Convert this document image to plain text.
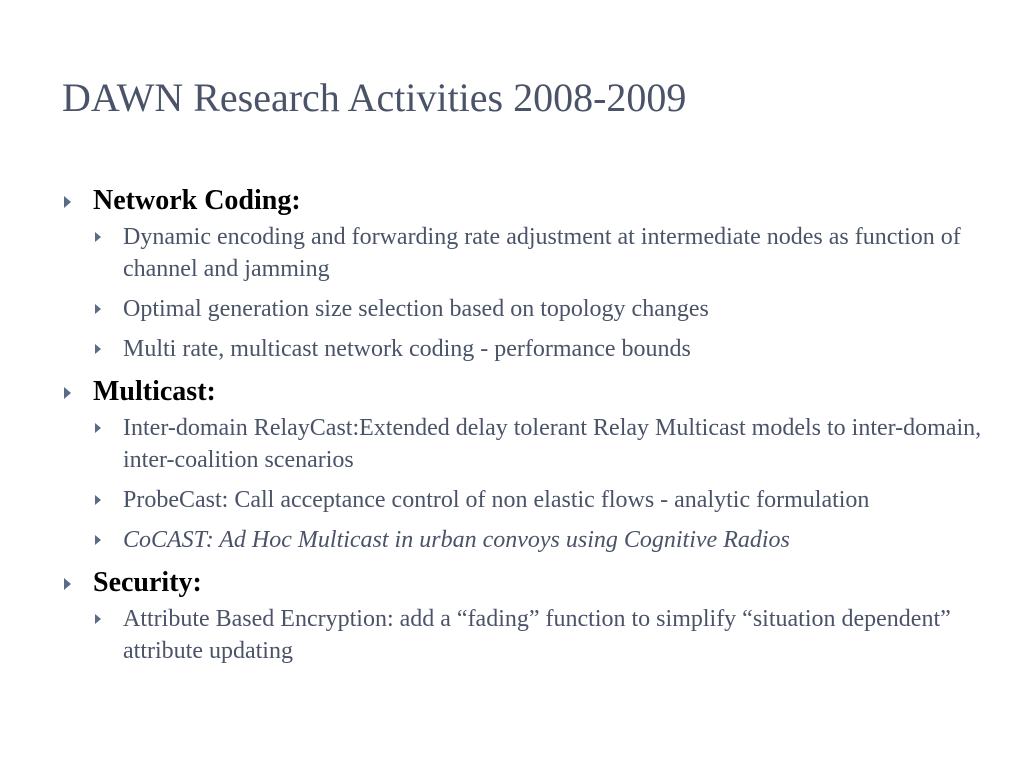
DAWN Research Activities 2008-2009
Network Coding:
Dynamic encoding and forwarding rate adjustment at intermediate nodes as function of channel and jamming
Optimal generation size selection based on topology changes
Multi rate, multicast network coding - performance bounds
Multicast:
Inter-domain RelayCast:Extended delay tolerant Relay Multicast models to inter-domain, inter-coalition scenarios
ProbeCast: Call acceptance control of non elastic flows - analytic formulation
CoCAST: Ad Hoc Multicast in urban convoys using Cognitive Radios
Security:
Attribute Based Encryption: add a “fading” function to simplify “situation dependent” attribute updating
